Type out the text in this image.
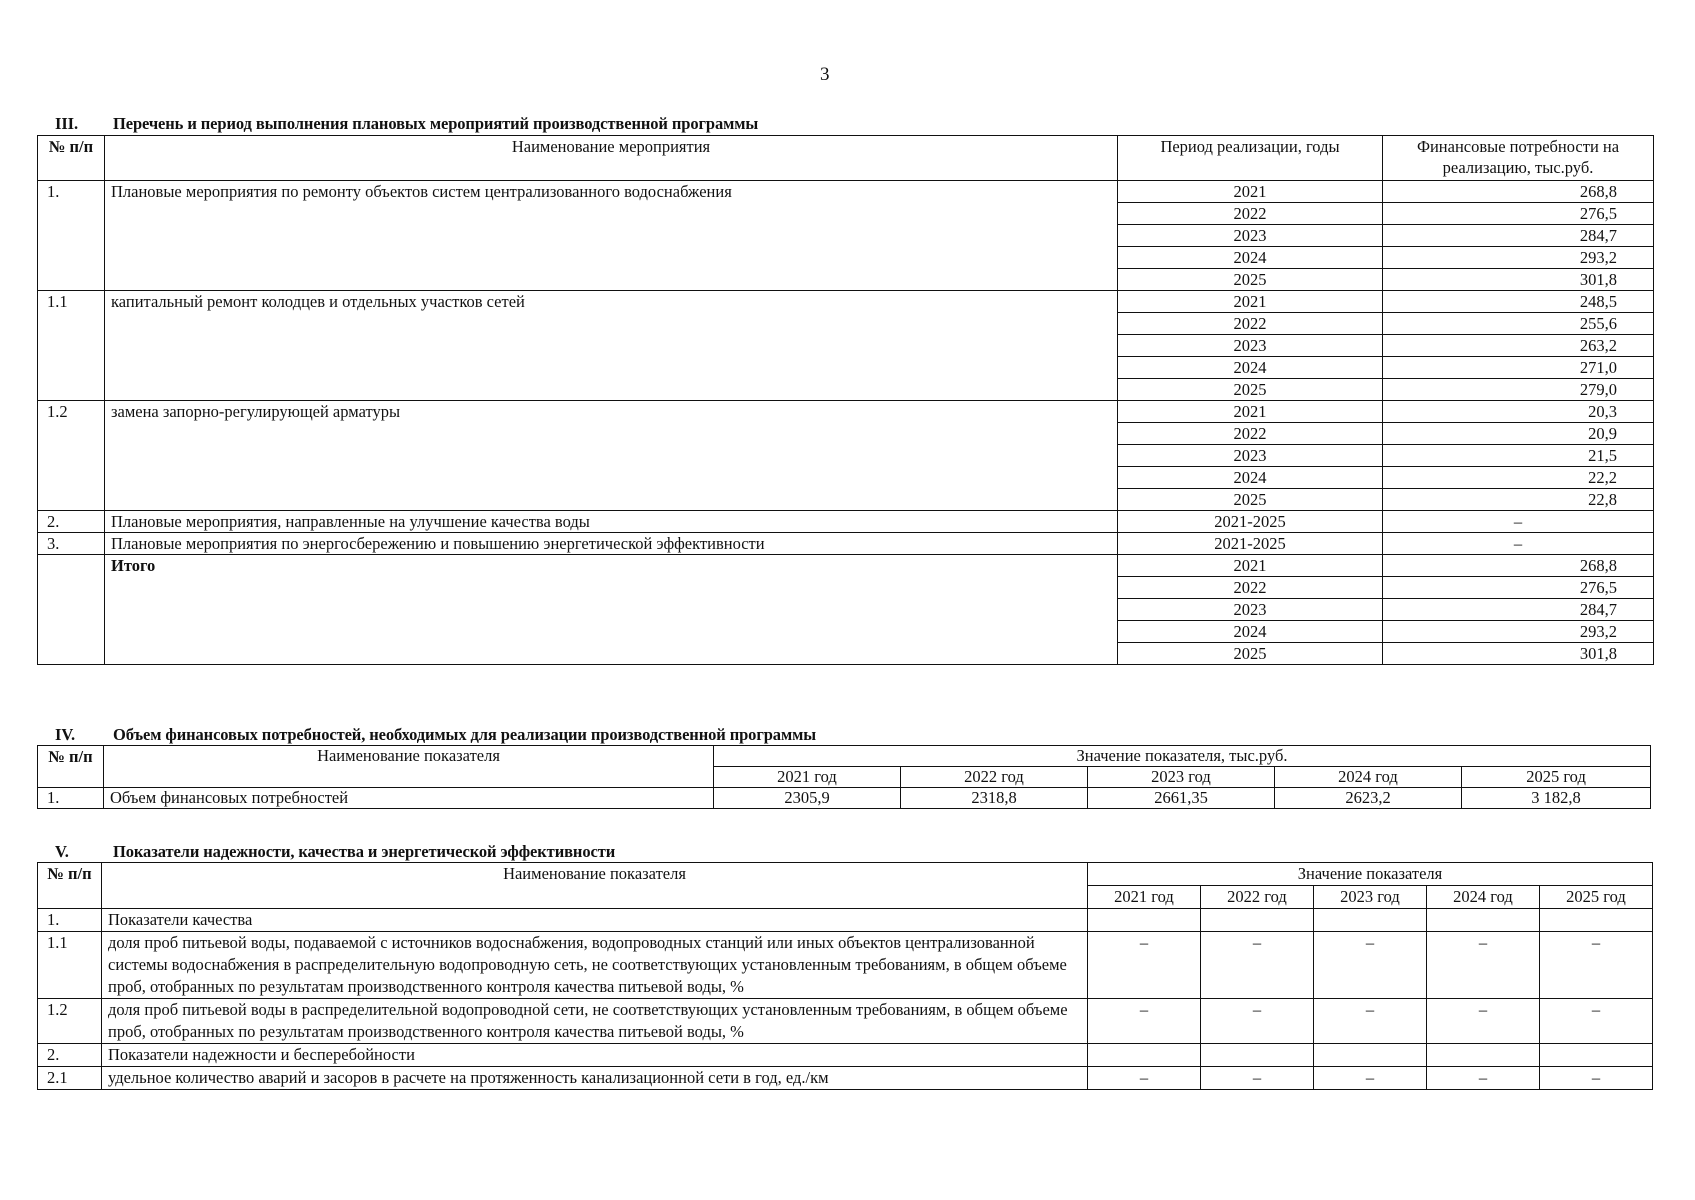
3
III. Перечень и период выполнения плановых мероприятий производственной программы
№ п/п	Наименование мероприятия	Период реализации, годы	Финансовые потребности на реализацию, тыс.руб.
1.	Плановые мероприятия по ремонту объектов систем централизованного водоснабжения	2021	268,8
		2022	276,5
		2023	284,7
		2024	293,2
		2025	301,8
1.1	капитальный ремонт колодцев и отдельных участков сетей	2021	248,5
		2022	255,6
		2023	263,2
		2024	271,0
		2025	279,0
1.2	замена запорно-регулирующей арматуры	2021	20,3
		2022	20,9
		2023	21,5
		2024	22,2
		2025	22,8
2.	Плановые мероприятия, направленные на улучшение качества воды	2021-2025	–
3.	Плановые мероприятия по энергосбережению и повышению энергетической эффективности	2021-2025	–
	Итого	2021	268,8
		2022	276,5
		2023	284,7
		2024	293,2
		2025	301,8
IV. Объем финансовых потребностей, необходимых для реализации производственной программы
№ п/п	Наименование показателя	Значение показателя, тыс.руб.				
		2021 год	2022 год	2023 год	2024 год	2025 год
1.	Объем финансовых потребностей	2305,9	2318,8	2661,35	2623,2	3 182,8
V.	Показатели надежности, качества и энергетической эффективности
№ п/п	Наименование показателя	Значение показателя				
		2021 год	2022 год	2023 год	2024 год	2025 год
1.	Показатели качества					
1.1	доля проб питьевой воды, подаваемой с источников водоснабжения, водопроводных станций или иных объектов централизованной системы водоснабжения в распределительную водопроводную сеть, не соответствующих установленным требованиям, в общем объеме проб, отобранных по результатам производственного контроля качества питьевой воды, %	–	–	–	–	–
1.2	доля проб питьевой воды в распределительной водопроводной сети, не соответствующих установленным требованиям, в общем объеме проб, отобранных по результатам производственного контроля качества питьевой воды, %	–	–	–	–	–
2.	Показатели надежности и бесперебойности					
2.1	удельное количество аварий и засоров в расчете на протяженность канализационной сети в год, ед./км	–	–	–	–	–
